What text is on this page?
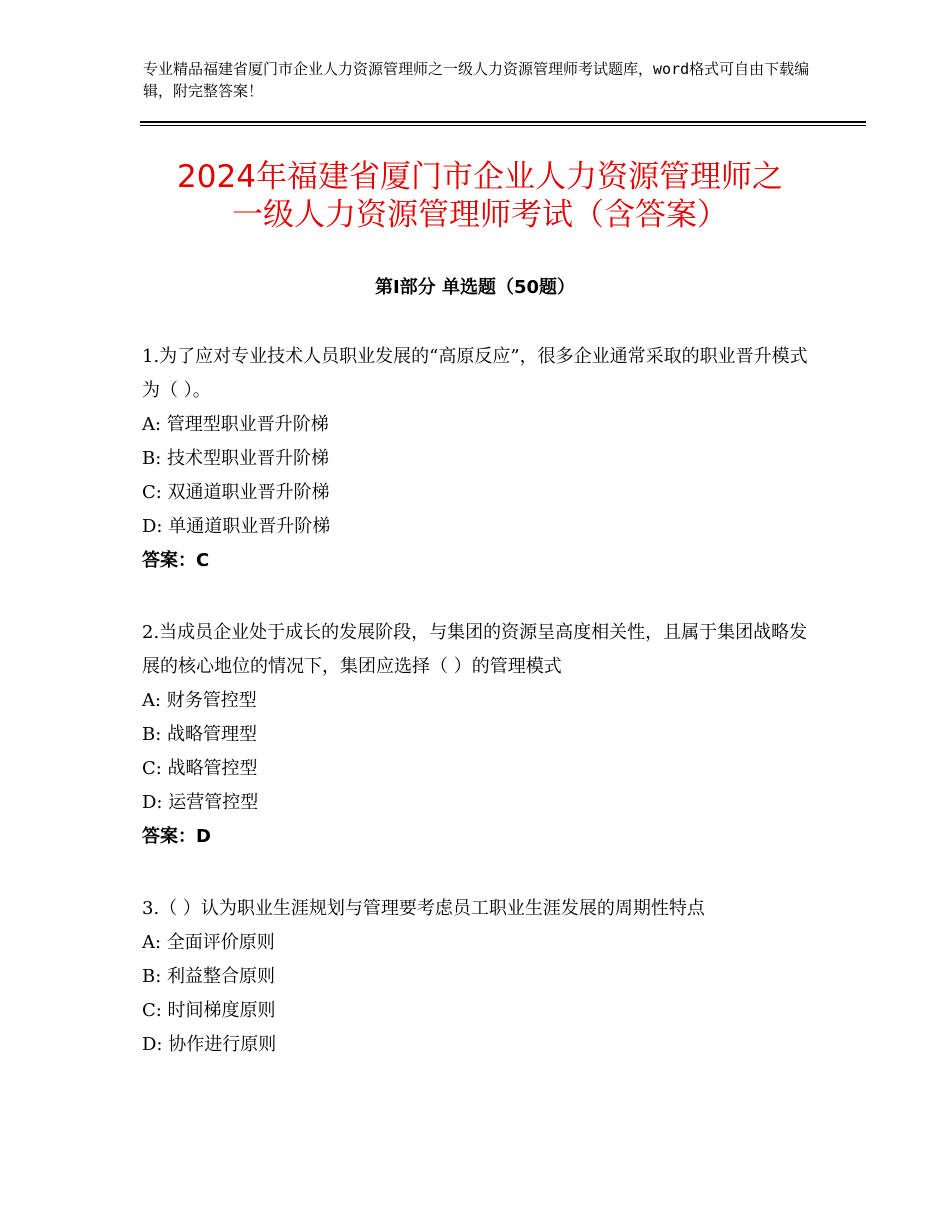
专业精品福建省厦门市企业人力资源管理师之一级人力资源管理师考试题库，word格式可自由下载编辑，附完整答案！
2024年福建省厦门市企业人力资源管理师之
一级人力资源管理师考试（含答案）
第Ⅰ部分 单选题（50题）
1.为了应对专业技术人员职业发展的“高原反应”，很多企业通常采取的职业晋升模式为（ ）。
A: 管理型职业晋升阶梯
B: 技术型职业晋升阶梯
C: 双通道职业晋升阶梯
D: 单通道职业晋升阶梯
答案：C
2.当成员企业处于成长的发展阶段，与集团的资源呈高度相关性，且属于集团战略发展的核心地位的情况下，集团应选择（ ）的管理模式
A: 财务管控型
B: 战略管理型
C: 战略管控型
D: 运营管控型
答案：D
3.（ ）认为职业生涯规划与管理要考虑员工职业生涯发展的周期性特点
A: 全面评价原则
B: 利益整合原则
C: 时间梯度原则
D: 协作进行原则
